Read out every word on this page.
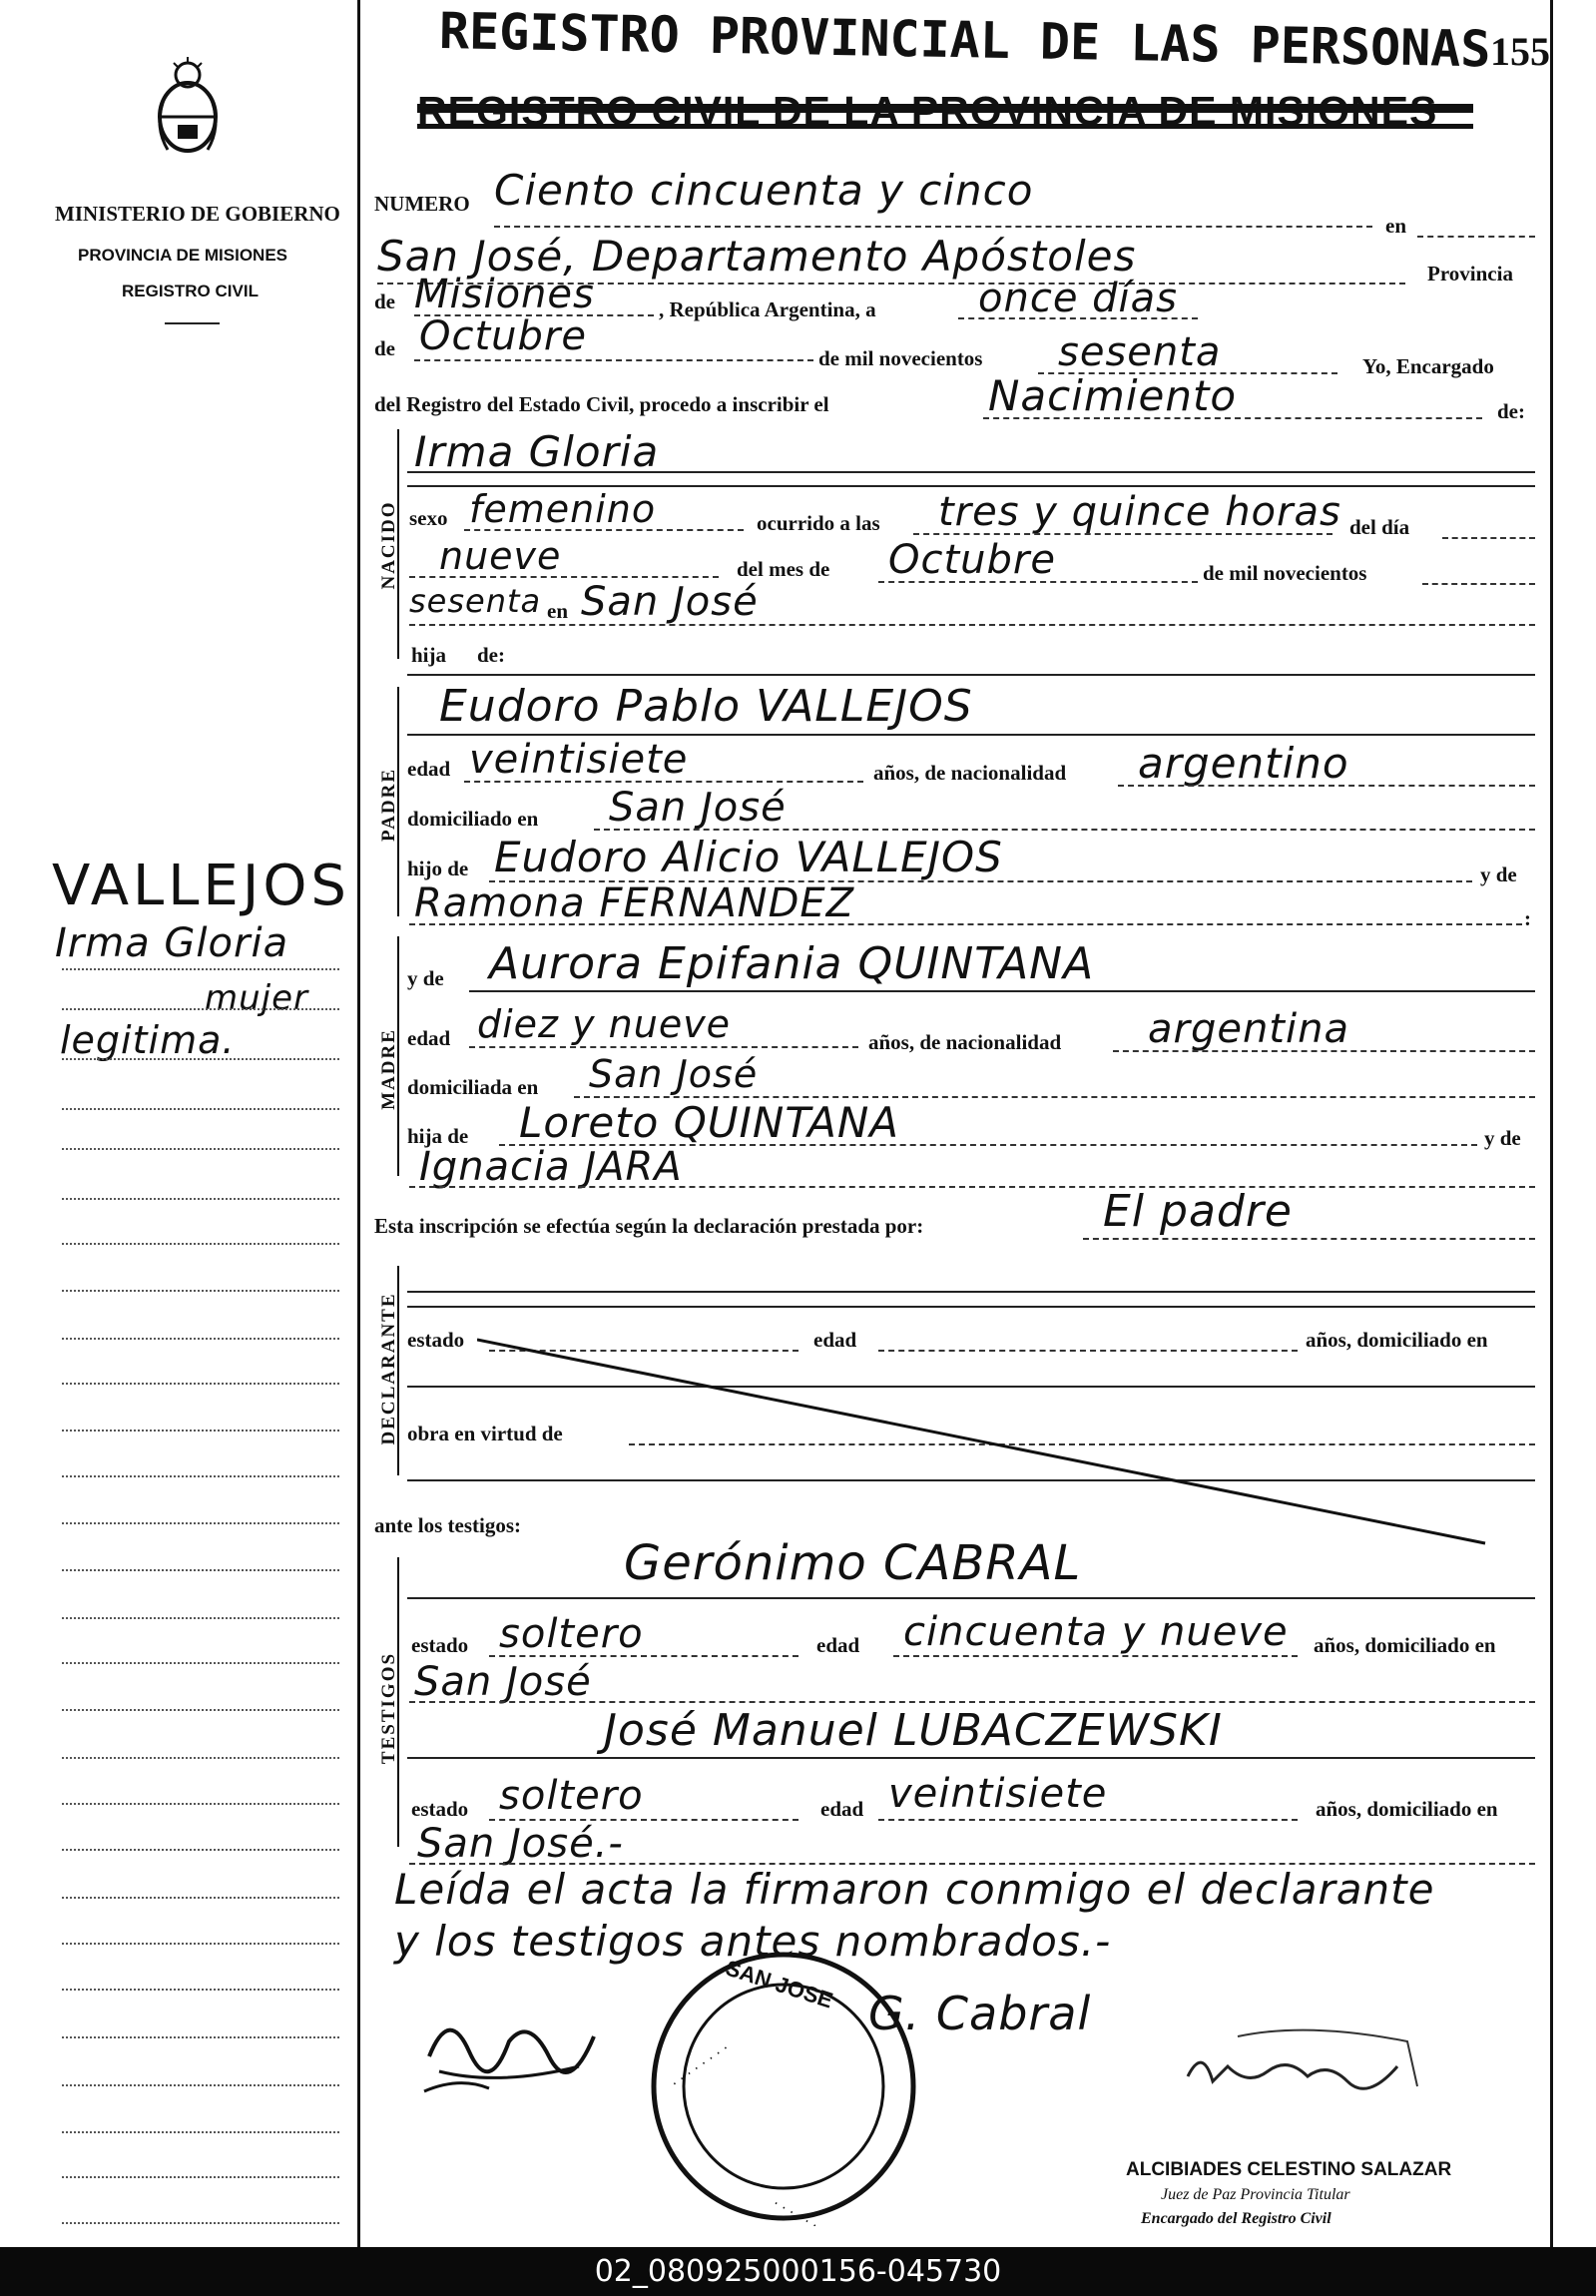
MINISTERIO DE GOBIERNO
PROVINCIA DE MISIONES
REGISTRO CIVIL
VALLEJOS
Irma Gloria
mujer
legitima.
REGISTRO PROVINCIAL DE LAS PERSONAS 155
NUMERO Ciento cincuenta y cinco
en
San José, Departamento Apóstoles	Provincia
de Misiones	, República Argentina, a	once días
de Octubre	de mil novecientos sesenta	Yo, Encargado
del Registro del Estado Civil, procedo a inscribir el	Nacimiento	de:
NACIDO
Irma Gloria
sexo femenino	ocurrido a las tres y quince horas del día
nueve	del mes de Octubre	de mil novecientos
sesenta en San José
hija de:
PADRE
Eudoro Pablo VALLEJOS
edad veintisiete	años, de nacionalidad argentino
domiciliado en San José
hijo de Eudoro Alicio VALLEJOS	y de
Ramona FERNANDEZ	:
MADRE
y de Aurora Epifania QUINTANA
edad diez y nueve	años, de nacionalidad argentina
domiciliada en San José
hija de Loreto QUINTANA	y de
Ignacia JARA
Esta inscripción se efectúa según la declaración prestada por:	El padre
DECLARANTE estado	edad	años, domiciliado en
obra en virtud de
ante los testigos:
TESTIGOS
Gerónimo CABRAL
estado soltero	edad cincuenta y nueve años, domiciliado en
San José
José Manuel LUBACZEWSKI
estado soltero	edad veintisiete	años, domiciliado en
San José.-
Leída el acta la firmaron conmigo el declarante
y los testigos antes nombrados.-
· · · · · · · ·
· · · · · ·
SAN JOSE
G. Cabral
ALCIBIADES CELESTINO SALAZAR
Juez de Paz Provincia Titular
Encargado del Registro Civil
02_080925000156-045730
